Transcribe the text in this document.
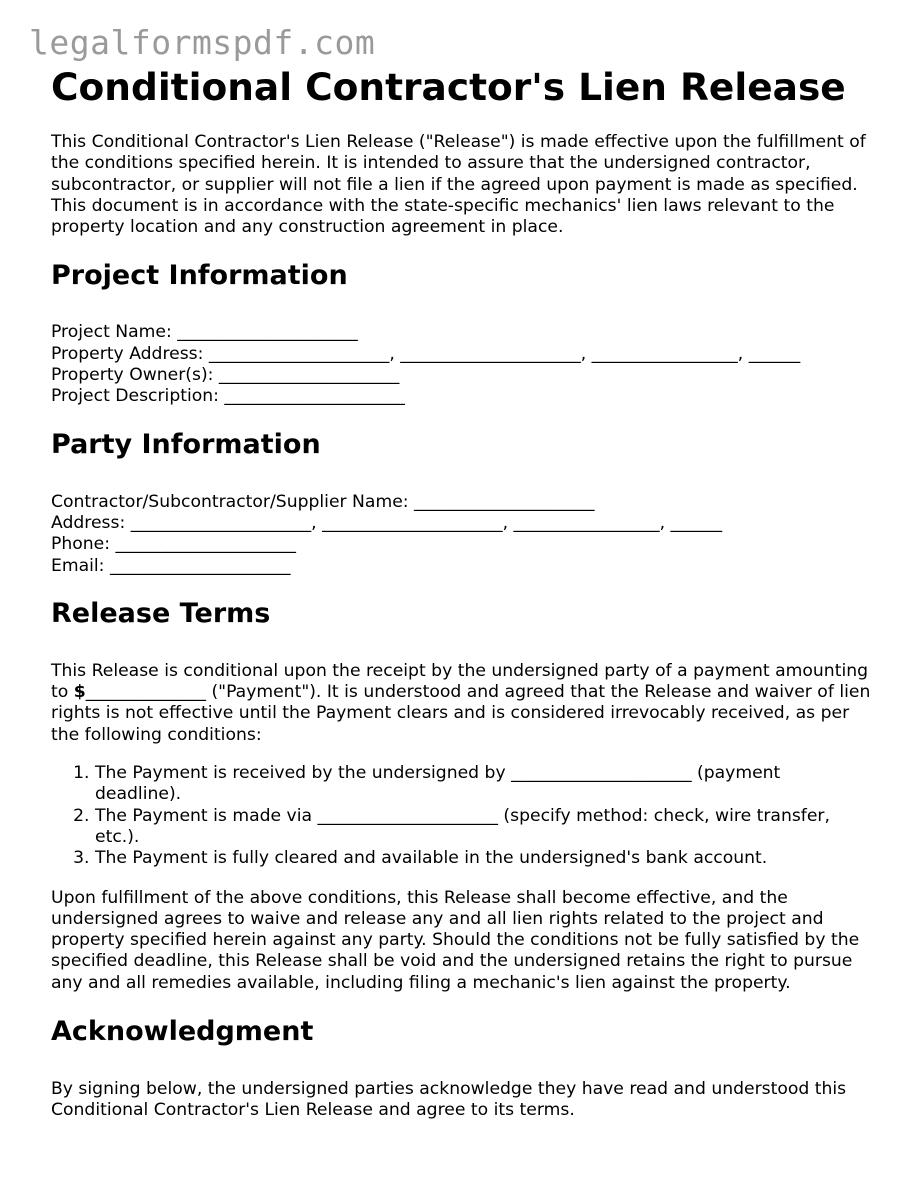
legalformspdf.com
Conditional Contractor's Lien Release

This Conditional Contractor's Lien Release ("Release") is made effective upon the fulfillment of the conditions specified herein. It is intended to assure that the undersigned contractor, subcontractor, or supplier will not file a lien if the agreed upon payment is made as specified. This document is in accordance with the state-specific mechanics' lien laws relevant to the property location and any construction agreement in place.

Project Information
Project Name: _____________________
Property Address: _____________________, _____________________, _________________, ______
Property Owner(s): _____________________
Project Description: _____________________
Party Information
Contractor/Subcontractor/Supplier Name: _____________________
Address: _____________________, _____________________, _________________, ______
Phone: _____________________
Email: _____________________
Release Terms

This Release is conditional upon the receipt by the undersigned party of a payment amounting to $______________ ("Payment"). It is understood and agreed that the Release and waiver of lien rights is not effective until the Payment clears and is considered irrevocably received, as per the following conditions:

1. The Payment is received by the undersigned by _____________________ (payment deadline).
2. The Payment is made via _____________________ (specify method: check, wire transfer, etc.).
3. The Payment is fully cleared and available in the undersigned's bank account.

Upon fulfillment of the above conditions, this Release shall become effective, and the undersigned agrees to waive and release any and all lien rights related to the project and property specified herein against any party. Should the conditions not be fully satisfied by the specified deadline, this Release shall be void and the undersigned retains the right to pursue any and all remedies available, including filing a mechanic's lien against the property.

Acknowledgment

By signing below, the undersigned parties acknowledge they have read and understood this Conditional Contractor's Lien Release and agree to its terms.
